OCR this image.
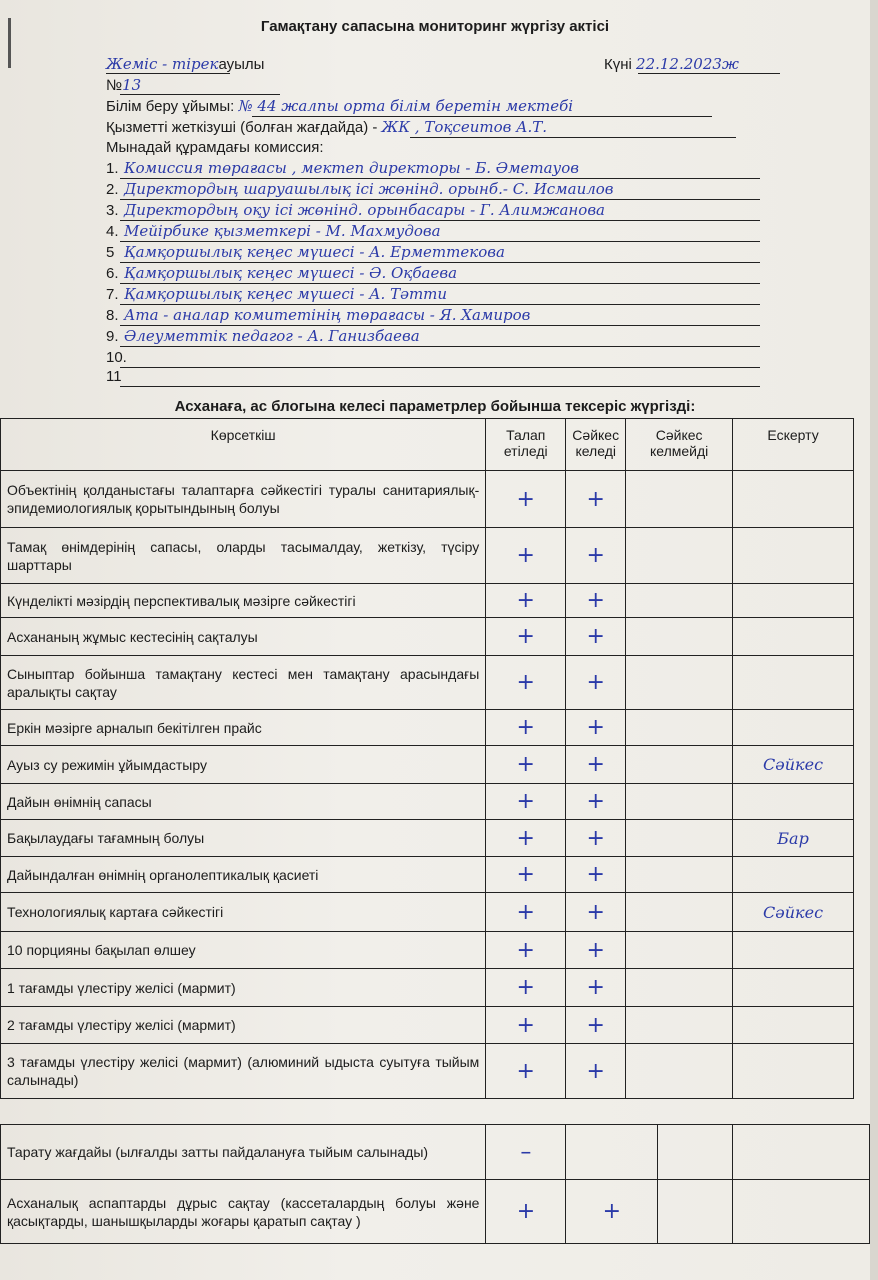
Гамақтану сапасына мониторинг жүргізу актісі
Жеміс - тірекауылы	Күні 22.12.2023ж
№13
Білім беру ұйымы: № 44 жалпы орта білім беретін мектебі
Қызметті жеткізуші (болған жағдайда) - ЖК , Тоқсеитов А.Т.
Мынадай құрамдағы комиссия:
1. Комиссия төрағасы , мектеп директоры - Б. Әметауов
2. Директордың шаруашылық ісі жөнінд. орынб.- С. Исмаилов
3. Директордың оқу ісі жөнінд. орынбасары - Г. Алимжанова
4. Мейірбике қызметкері - М. Махмудова
5 Қамқоршылық кеңес мүшесі - А. Ерметтекова
6. Қамқоршылық кеңес мүшесі - Ә. Оқбаева
7. Қамқоршылық кеңес мүшесі - А. Тәтти
8. Ата - аналар комитетінің төрағасы - Я. Хамиров
9. Әлеуметтік педагог - А. Ганизбаева
10.
11
Асханаға, ас блогына келесі параметрлер бойынша тексеріс жүргізді:
Көрсеткіш	Талап етіледі	Сәйкес келеді	Сәйкес келмейді	Ескерту
Объектінің қолданыстағы талаптарға сәйкестігі туралы санитариялық-эпидемиологиялық қорытындының болуы	+	+		
Тамақ өнімдерінің сапасы, оларды тасымалдау, жеткізу, түсіру шарттары	+	+		
Күнделікті мәзірдің перспективалық мәзірге сәйкестігі	+	+		
Асхананың жұмыс кестесінің сақталуы	+	+		
Сыныптар бойынша тамақтану кестесі мен тамақтану арасындағы аралықты сақтау	+	+		
Еркін мәзірге арналып бекітілген прайс	+	+		
Ауыз су режимін ұйымдастыру	+	+		Сәйкес
Дайын өнімнің сапасы	+	+		
Бақылаудағы тағамның болуы	+	+		Бар
Дайындалған өнімнің органолептикалық қасиеті	+	+		
Технологиялық картаға сәйкестігі	+	+		Сәйкес
10 порцияны бақылап өлшеу	+	+		
1 тағамды үлестіру желісі (мармит)	+	+		
2 тағамды үлестіру желісі (мармит)	+	+		
3 тағамды үлестіру желісі (мармит) (алюминий ыдыста суытуға тыйым салынады)	+	+		
Тарату жағдайы (ылғалды затты пайдалануға тыйым салынады)	–			
Асханалық аспаптарды дұрыс сақтау (кассеталардың болуы және қасықтарды, шанышқыларды жоғары қаратып сақтау )	+	+		
